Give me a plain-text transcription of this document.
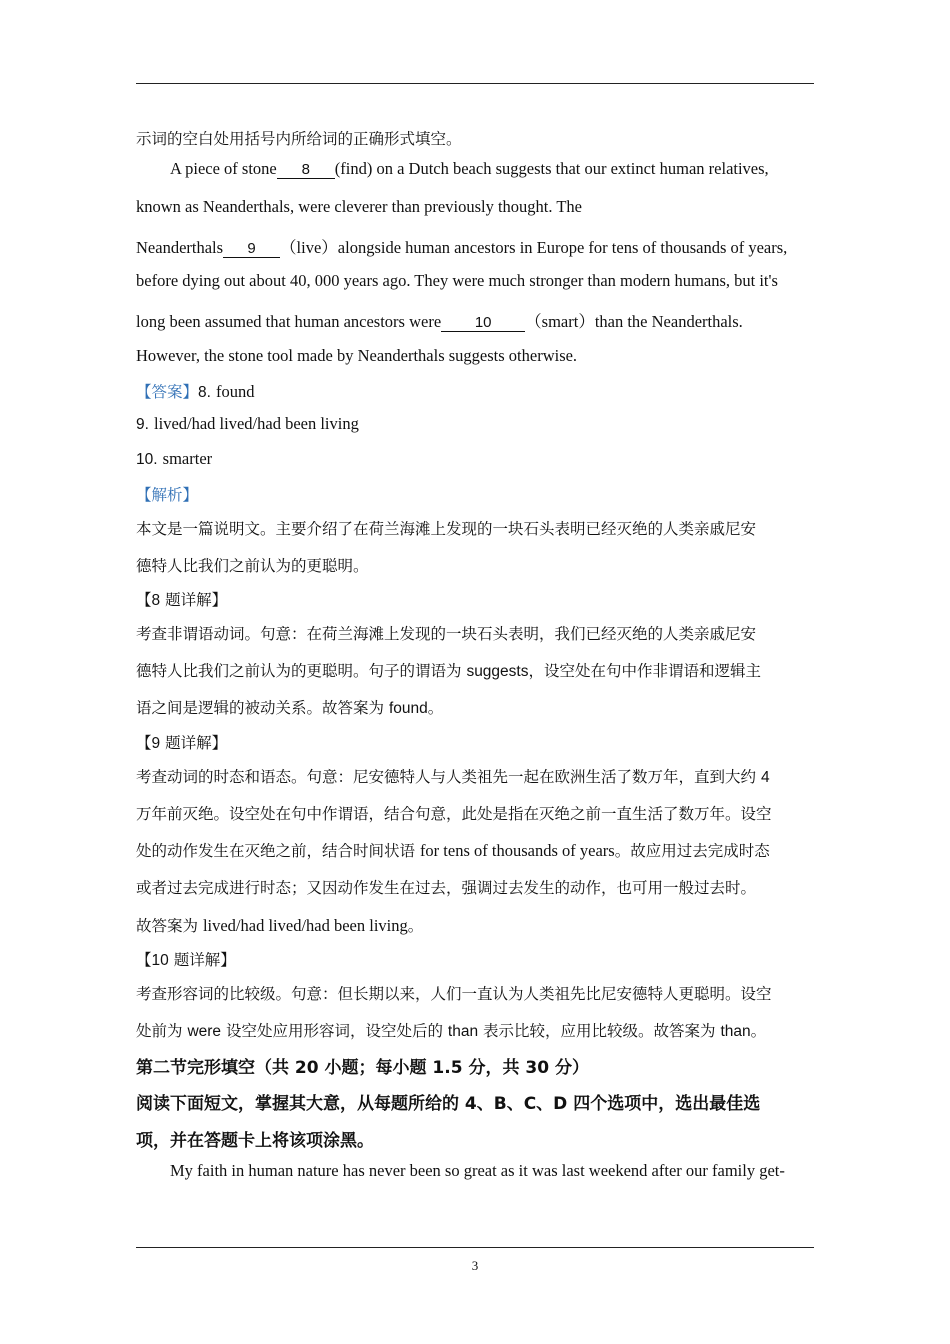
示词的空白处用括号内所给词的正确形式填空。
A piece of stone 8 (find) on a Dutch beach suggests that our extinct human relatives,
known as Neanderthals, were cleverer than previously thought. The
Neanderthals 9 （live）alongside human ancestors in Europe for tens of thousands of years,
before dying out about 40, 000 years ago. They were much stronger than modern humans, but it's
long been assumed that human ancestors were 10 （smart）than the Neanderthals.
However, the stone tool made by Neanderthals suggests otherwise.
【答案】8. found
9. lived/had lived/had been living
10. smarter
【解析】
本文是一篇说明文。主要介绍了在荷兰海滩上发现的一块石头表明已经灭绝的人类亲戚尼安
德特人比我们之前认为的更聪明。
【8 题详解】
考查非谓语动词。句意：在荷兰海滩上发现的一块石头表明，我们已经灭绝的人类亲戚尼安
德特人比我们之前认为的更聪明。句子的谓语为 suggests，设空处在句中作非谓语和逻辑主
语之间是逻辑的被动关系。故答案为 found。
【9 题详解】
考查动词的时态和语态。句意：尼安德特人与人类祖先一起在欧洲生活了数万年，直到大约 4
万年前灭绝。设空处在句中作谓语，结合句意，此处是指在灭绝之前一直生活了数万年。设空
处的动作发生在灭绝之前，结合时间状语 for tens of thousands of years。故应用过去完成时态
或者过去完成进行时态；又因动作发生在过去，强调过去发生的动作，也可用一般过去时。
故答案为 lived/had lived/had been living。
【10 题详解】
考查形容词的比较级。句意：但长期以来，人们一直认为人类祖先比尼安德特人更聪明。设空
处前为 were 设空处应用形容词，设空处后的 than 表示比较，应用比较级。故答案为 than。
第二节完形填空（共 20 小题；每小题 1.5 分，共 30 分）
阅读下面短文，掌握其大意，从每题所给的 4、B、C、D 四个选项中，选出最佳选
项，并在答题卡上将该项涂黑。
My faith in human nature has never been so great as it was last weekend after our family get-
3
